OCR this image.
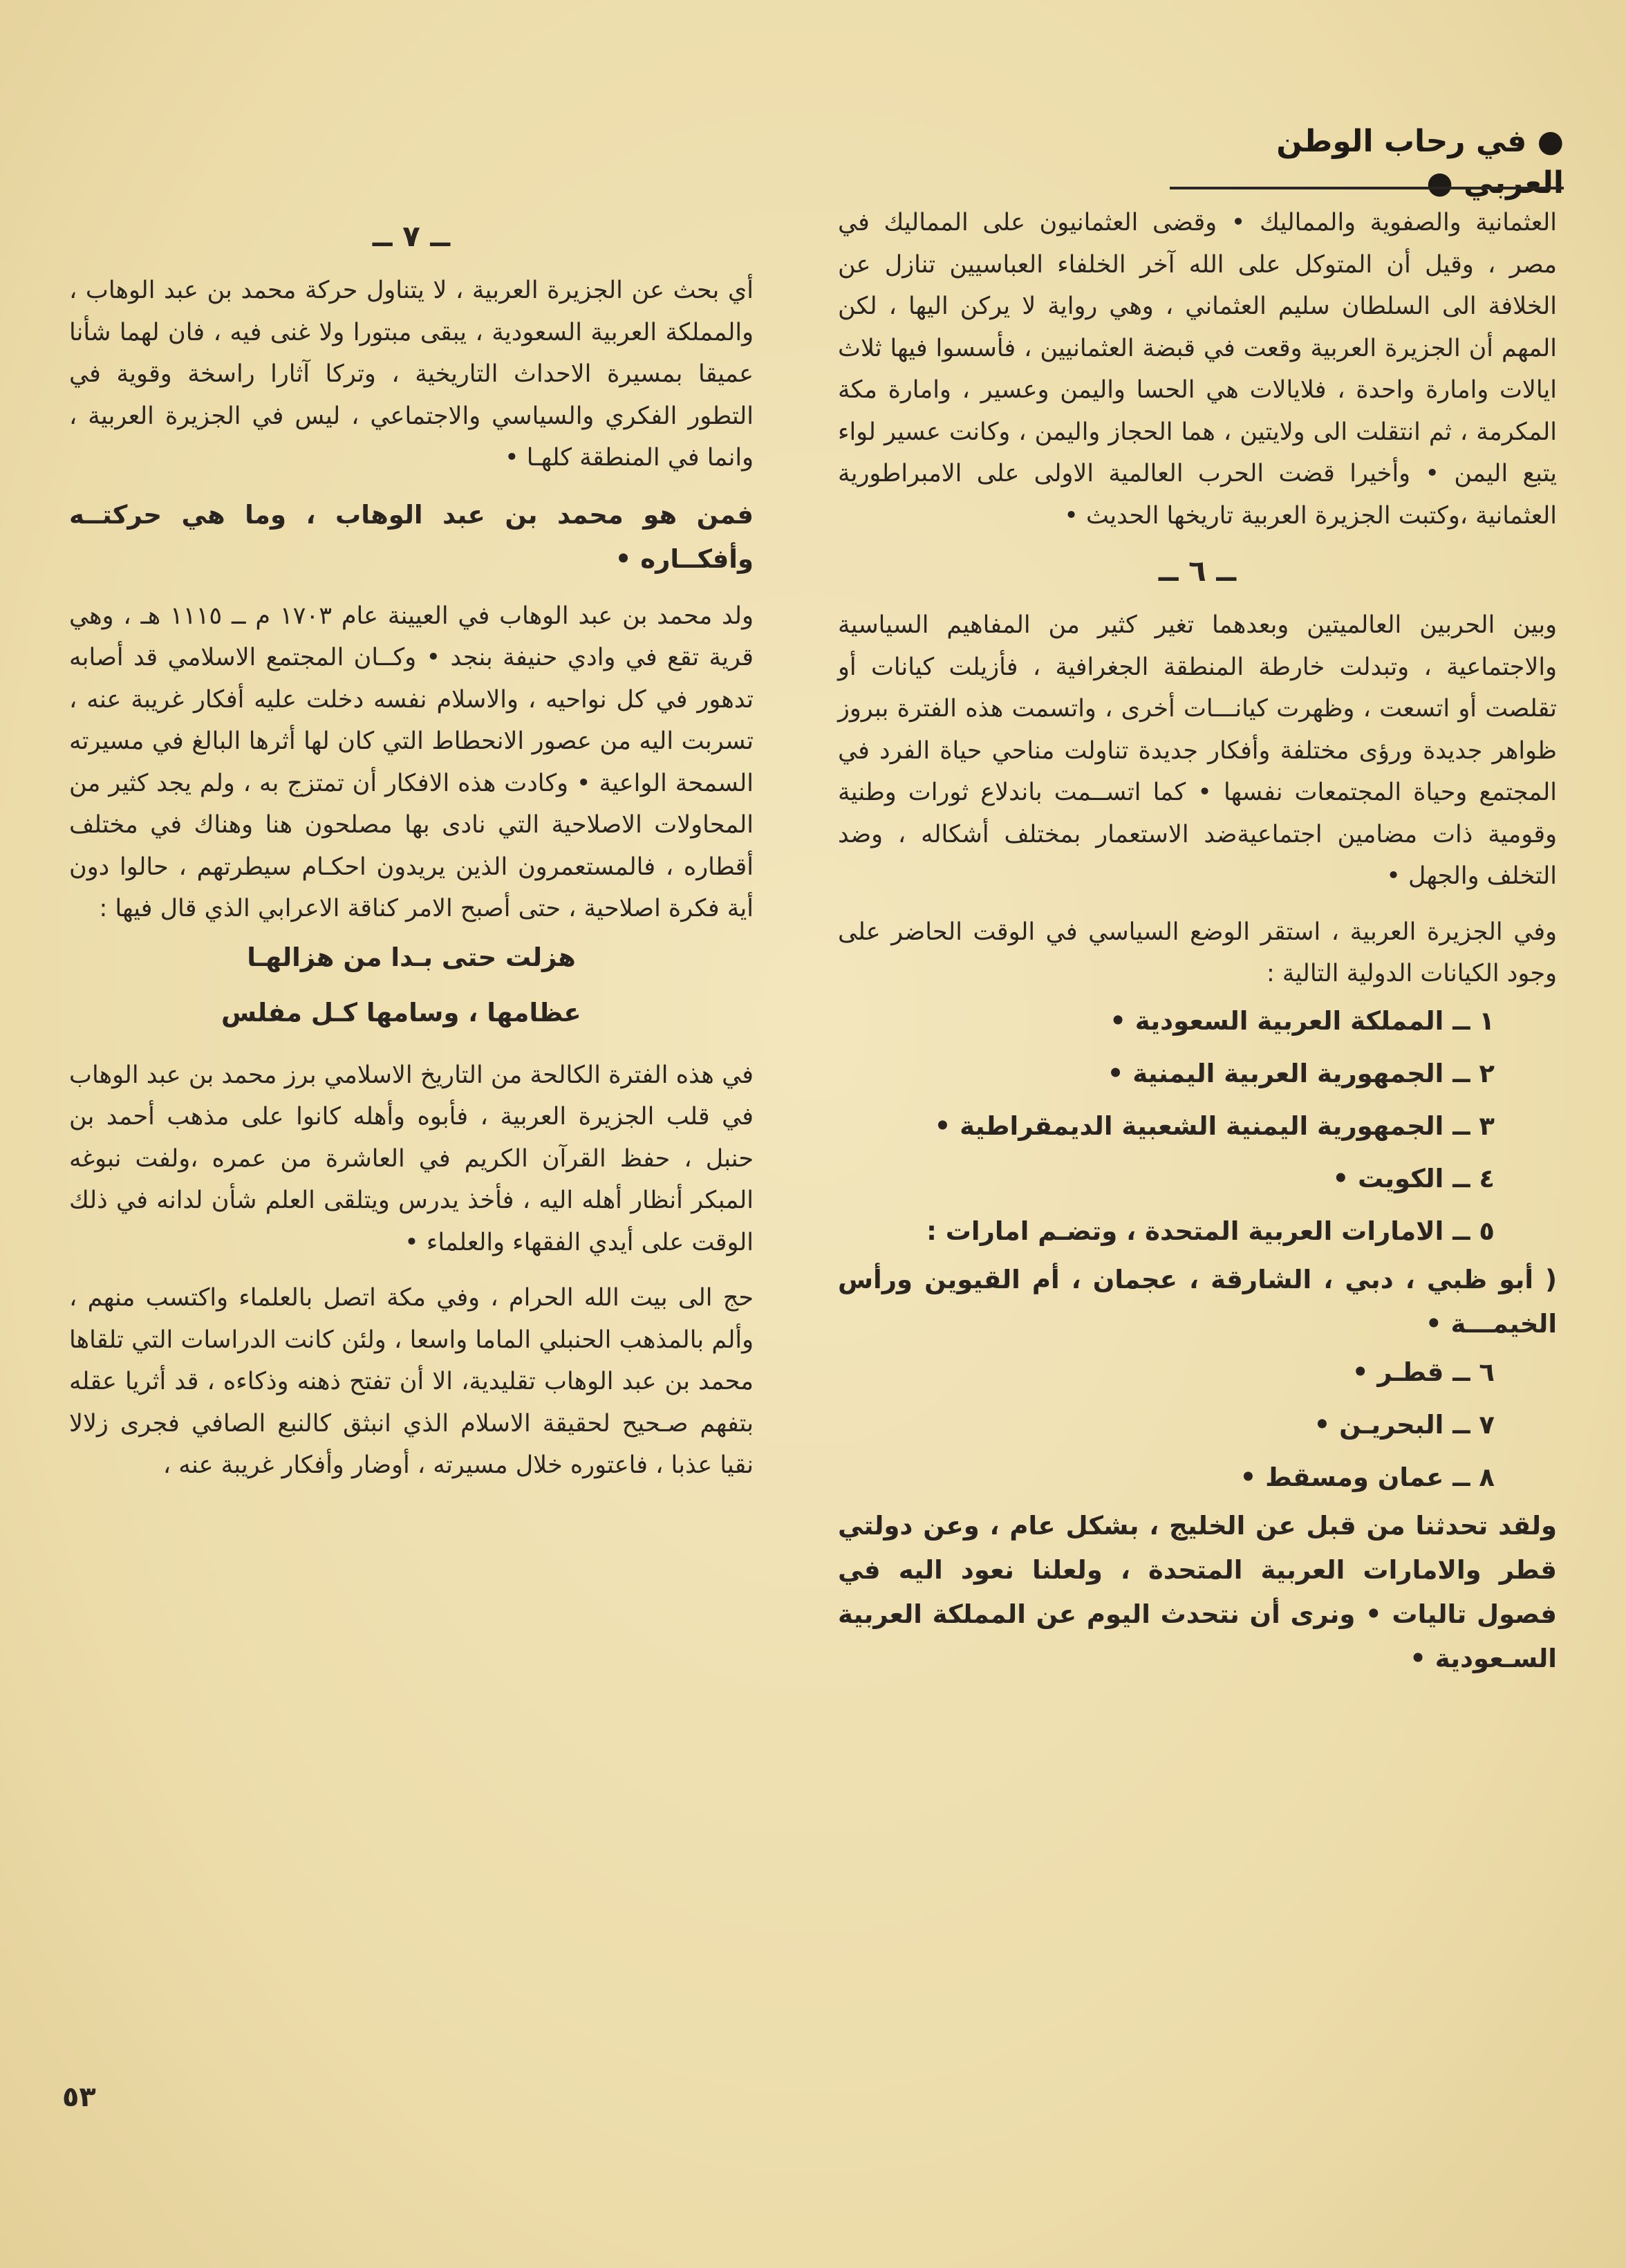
● في رحاب الوطن العربي ●

العثمانية والصفوية والمماليك • وقضى العثمانيون على المماليك في مصر ، وقيل أن المتوكل على الله آخر الخلفاء العباسيين تنازل عن الخلافة الى السلطان سليم العثماني ، وهي رواية لا يركن اليها ، لكن المهم أن الجزيرة العربية وقعت في قبضة العثمانيين ، فأسسوا فيها ثلاث ايالات وامارة واحدة ، فلايالات هي الحسا واليمن وعسير ، وامارة مكة المكرمة ، ثم انتقلت الى ولايتين ، هما الحجاز واليمن ، وكانت عسير لواء يتبع اليمن • وأخيرا قضت الحرب العالمية الاولى على الامبراطورية العثمانية ،وكتبت الجزيرة العربية تاريخها الحديث •

ــ ٦ ــ

وبين الحربين العالميتين وبعدهما تغير كثير من المفاهيم السياسية والاجتماعية ، وتبدلت خارطة المنطقة الجغرافية ، فأزيلت كيانات أو تقلصت أو اتسعت ، وظهرت كيانـــات أخرى ، واتسمت هذه الفترة ببروز ظواهر جديدة ورؤى مختلفة وأفكار جديدة تناولت مناحي حياة الفرد في المجتمع وحياة المجتمعات نفسها • كما اتســمت باندلاع ثورات وطنية وقومية ذات مضامين اجتماعيةضد الاستعمار بمختلف أشكاله ، وضد التخلف والجهل •

وفي الجزيرة العربية ، استقر الوضع السياسي في الوقت الحاضر على وجود الكيانات الدولية التالية :

١ ــ المملكة العربية السعودية •

٢ ــ الجمهورية العربية اليمنية •

٣ ــ الجمهورية اليمنية الشعبية الديمقراطية •

٤ ــ الكويت •

٥ ــ الامارات العربية المتحدة ، وتضـم امارات :

( أبو ظبي ، دبي ، الشارقة ، عجمان ، أم القيوين ورأس الخيمـــة •

٦ ــ قطـر •

٧ ــ البحريـن •

٨ ــ عمان ومسقط •

ولقد تحدثنا من قبل عن الخليج ، بشكل عام ، وعن دولتي قطر والامارات العربية المتحدة ، ولعلنا نعود اليه في فصول تاليات • ونرى أن نتحدث اليوم عن المملكة العربية السـعودية •

ــ ٧ ــ

أي بحث عن الجزيرة العربية ، لا يتناول حركة محمد بن عبد الوهاب ، والمملكة العربية السعودية ، يبقى مبتورا ولا غنى فيه ، فان لهما شأنا عميقا بمسيرة الاحداث التاريخية ، وتركا آثارا راسخة وقوية في التطور الفكري والسياسي والاجتماعي ، ليس في الجزيرة العربية ، وانما في المنطقة كلهـا •

فمن هو محمد بن عبد الوهاب ، وما هي حركتــه وأفكــاره •

ولد محمد بن عبد الوهاب في العيينة عام ١٧٠٣ م ــ ١١١٥ هـ ، وهي قرية تقع في وادي حنيفة بنجد • وكــان المجتمع الاسلامي قد أصابه تدهور في كل نواحيه ، والاسلام نفسه دخلت عليه أفكار غريبة عنه ، تسربت اليه من عصور الانحطاط التي كان لها أثرها البالغ في مسيرته السمحة الواعية • وكادت هذه الافكار أن تمتزج به ، ولم يجد كثير من المحاولات الاصلاحية التي نادى بها مصلحون هنا وهناك في مختلف أقطاره ، فالمستعمرون الذين يريدون احكـام سيطرتهم ، حالوا دون أية فكرة اصلاحية ، حتى أصبح الامر كناقة الاعرابي الذي قال فيها :

هزلت حتى بـدا من هزالهـا

عظامها ، وسامها كـل مفلس

في هذه الفترة الكالحة من التاريخ الاسلامي برز محمد بن عبد الوهاب في قلب الجزيرة العربية ، فأبوه وأهله كانوا على مذهب أحمد بن حنبل ، حفظ القرآن الكريم في العاشرة من عمره ،ولفت نبوغه المبكر أنظار أهله اليه ، فأخذ يدرس ويتلقى العلم شأن لدانه في ذلك الوقت على أيدي الفقهاء والعلماء •

حج الى بيت الله الحرام ، وفي مكة اتصل بالعلماء واكتسب منهم ، وألم بالمذهب الحنبلي الماما واسعا ، ولئن كانت الدراسات التي تلقاها محمد بن عبد الوهاب تقليدية، الا أن تفتح ذهنه وذكاءه ، قد أثريا عقله بتفهم صـحيح لحقيقة الاسلام الذي انبثق كالنبع الصافي فجرى زلالا نقيا عذبا ، فاعتوره خلال مسيرته ، أوضار وأفكار غريبة عنه ،

٥٣
